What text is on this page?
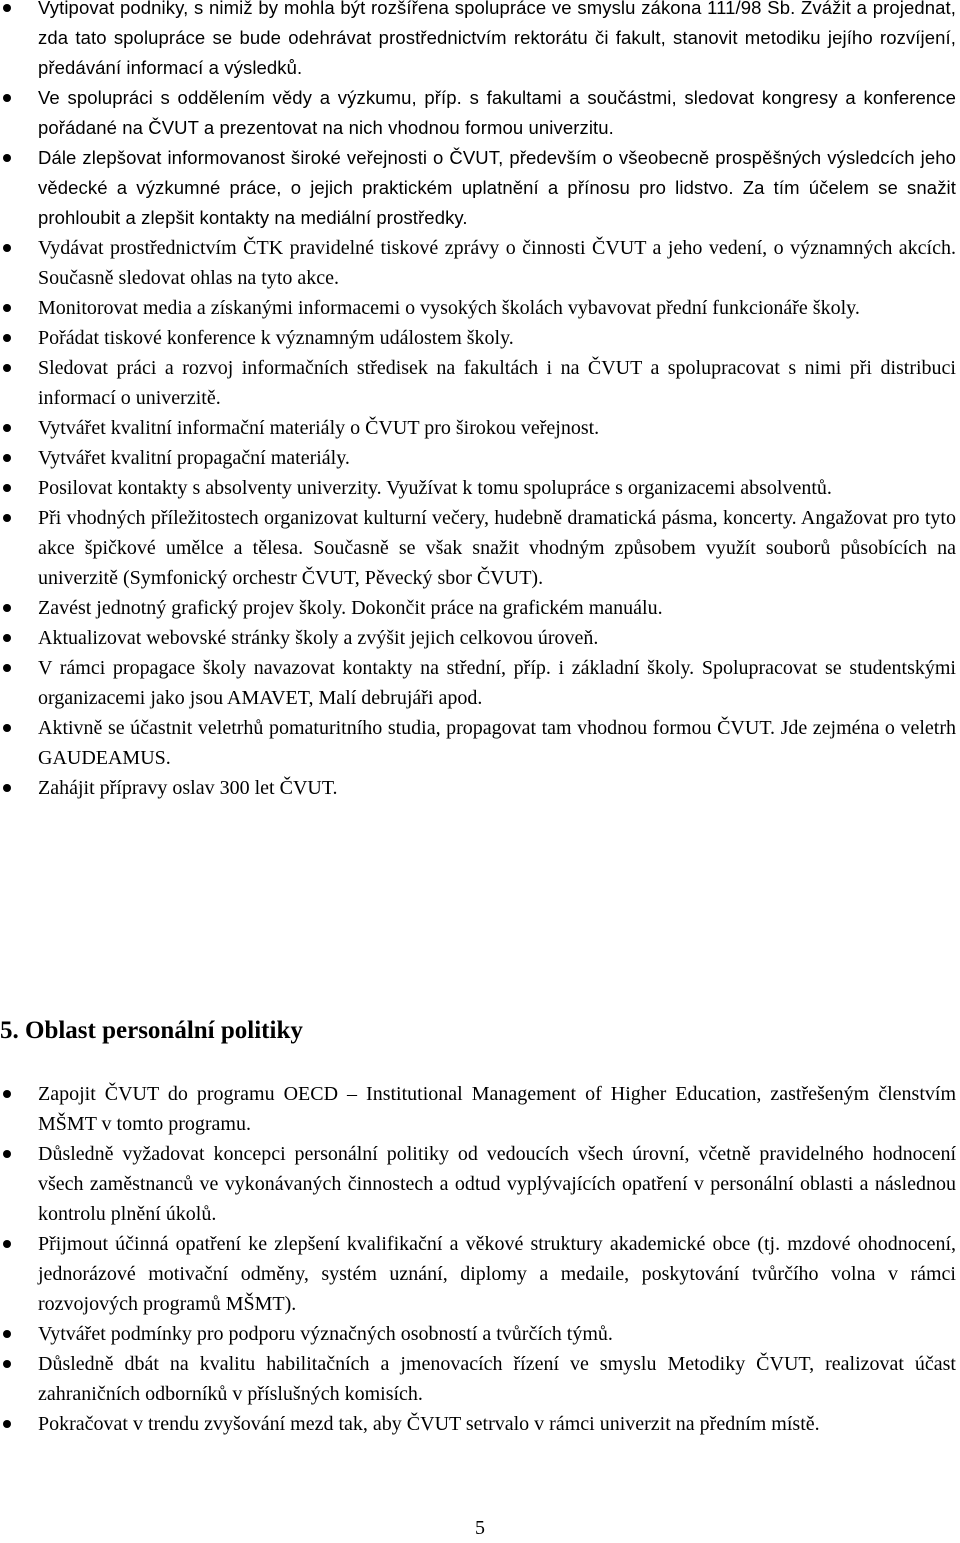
Vytipovat podniky, s nimiž by mohla být rozšířena spolupráce ve smyslu zákona 111/98 Sb. Zvážit a projednat, zda tato spolupráce se bude odehrávat prostřednictvím rektorátu či fakult, stanovit metodiku jejího rozvíjení, předávání informací a výsledků.
Ve spolupráci s oddělením vědy a výzkumu, příp. s fakultami a součástmi, sledovat kongresy a konference pořádané na ČVUT a prezentovat na nich vhodnou formou univerzitu.
Dále zlepšovat informovanost široké veřejnosti o ČVUT, především o všeobecně prospěšných výsledcích jeho vědecké a výzkumné práce, o jejich praktickém uplatnění a přínosu pro lidstvo. Za tím účelem se snažit prohloubit a zlepšit kontakty na mediální prostředky.
Vydávat prostřednictvím ČTK pravidelné tiskové zprávy o činnosti ČVUT a jeho vedení, o významných akcích. Současně sledovat ohlas na tyto akce.
Monitorovat media a získanými informacemi o vysokých školách vybavovat přední funkcionáře školy.
Pořádat tiskové konference k významným událostem školy.
Sledovat práci a rozvoj informačních středisek na fakultách i na ČVUT a spolupracovat s nimi při distribuci informací o univerzitě.
Vytvářet kvalitní informační materiály o ČVUT pro širokou veřejnost.
Vytvářet kvalitní propagační materiály.
Posilovat kontakty s absolventy univerzity. Využívat k tomu spolupráce s organizacemi absolventů.
Při vhodných příležitostech organizovat kulturní večery, hudebně dramatická pásma, koncerty. Angažovat pro tyto akce špičkové umělce a tělesa. Současně se však snažit vhodným způsobem využít souborů působících na univerzitě (Symfonický orchestr ČVUT, Pěvecký sbor ČVUT).
Zavést jednotný grafický projev školy. Dokončit práce na grafickém manuálu.
Aktualizovat webovské stránky školy a zvýšit jejich celkovou úroveň.
V rámci propagace školy navazovat kontakty na střední, příp. i základní školy. Spolupracovat se studentskými organizacemi jako jsou AMAVET, Malí debrujáři apod.
Aktivně se účastnit veletrhů pomaturitního studia, propagovat tam vhodnou formou ČVUT. Jde zejména o veletrh GAUDEAMUS.
Zahájit přípravy oslav 300 let ČVUT.
5. Oblast personální politiky
Zapojit ČVUT do programu OECD – Institutional Management of Higher Education, zastřešeným členstvím MŠMT v tomto programu.
Důsledně vyžadovat koncepci personální politiky od vedoucích všech úrovní, včetně pravidelného hodnocení všech zaměstnanců ve vykonávaných činnostech a odtud vyplývajících opatření v personální oblasti a následnou kontrolu plnění úkolů.
Přijmout účinná opatření ke zlepšení kvalifikační a věkové struktury akademické obce (tj. mzdové ohodnocení, jednorázové motivační odměny, systém uznání, diplomy a medaile, poskytování tvůrčího volna v rámci rozvojových programů MŠMT).
Vytvářet podmínky pro podporu význačných osobností a tvůrčích týmů.
Důsledně dbát na kvalitu habilitačních a jmenovacích řízení ve smyslu Metodiky ČVUT, realizovat účast zahraničních odborníků v příslušných komisích.
Pokračovat v trendu zvyšování mezd tak, aby ČVUT setrvalo v rámci univerzit na předním místě.
5
